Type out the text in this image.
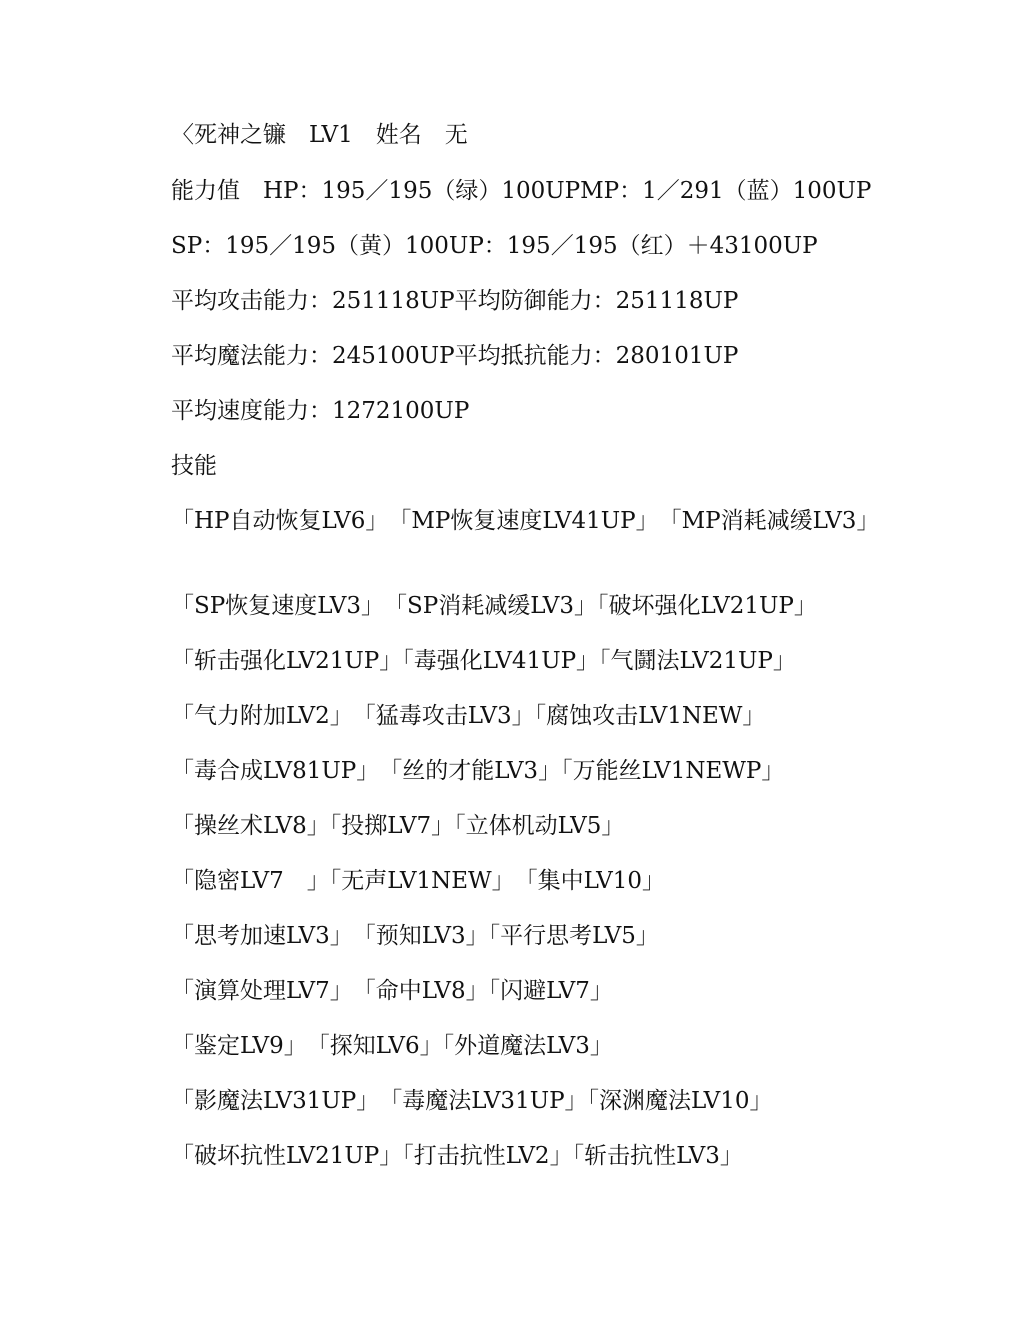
〈死神之镰　LV1　姓名　无
能力值　HP：195／195（绿）100UPMP：1／291（蓝）100UP
SP：195／195（黄）100UP：195／195（红）＋43100UP
平均攻击能力：251118UP平均防御能力：251118UP
平均魔法能力：245100UP平均抵抗能力：280101UP
平均速度能力：1272100UP
技能
「HP自动恢复LV6」　「MP恢复速度LV41UP」　「MP消耗减缓LV3」
「SP恢复速度LV3」　「SP消耗减缓LV3」「破坏强化LV21UP」
「斩击强化LV21UP」「毒强化LV41UP」「气鬪法LV21UP」
「气力附加LV2」　「猛毒攻击LV3」「腐蚀攻击LV1NEW」
「毒合成LV81UP」　「丝的才能LV3」「万能丝LV1NEWP」
「操丝术LV8」「投掷LV7」「立体机动LV5」
「隐密LV7　」「无声LV1NEW」　「集中LV10」
「思考加速LV3」　「预知LV3」「平行思考LV5」
「演算处理LV7」　「命中LV8」「闪避LV7」
「鉴定LV9」　「探知LV6」「外道魔法LV3」
「影魔法LV31UP」　「毒魔法LV31UP」「深渊魔法LV10」
「破坏抗性LV21UP」「打击抗性LV2」「斩击抗性LV3」
